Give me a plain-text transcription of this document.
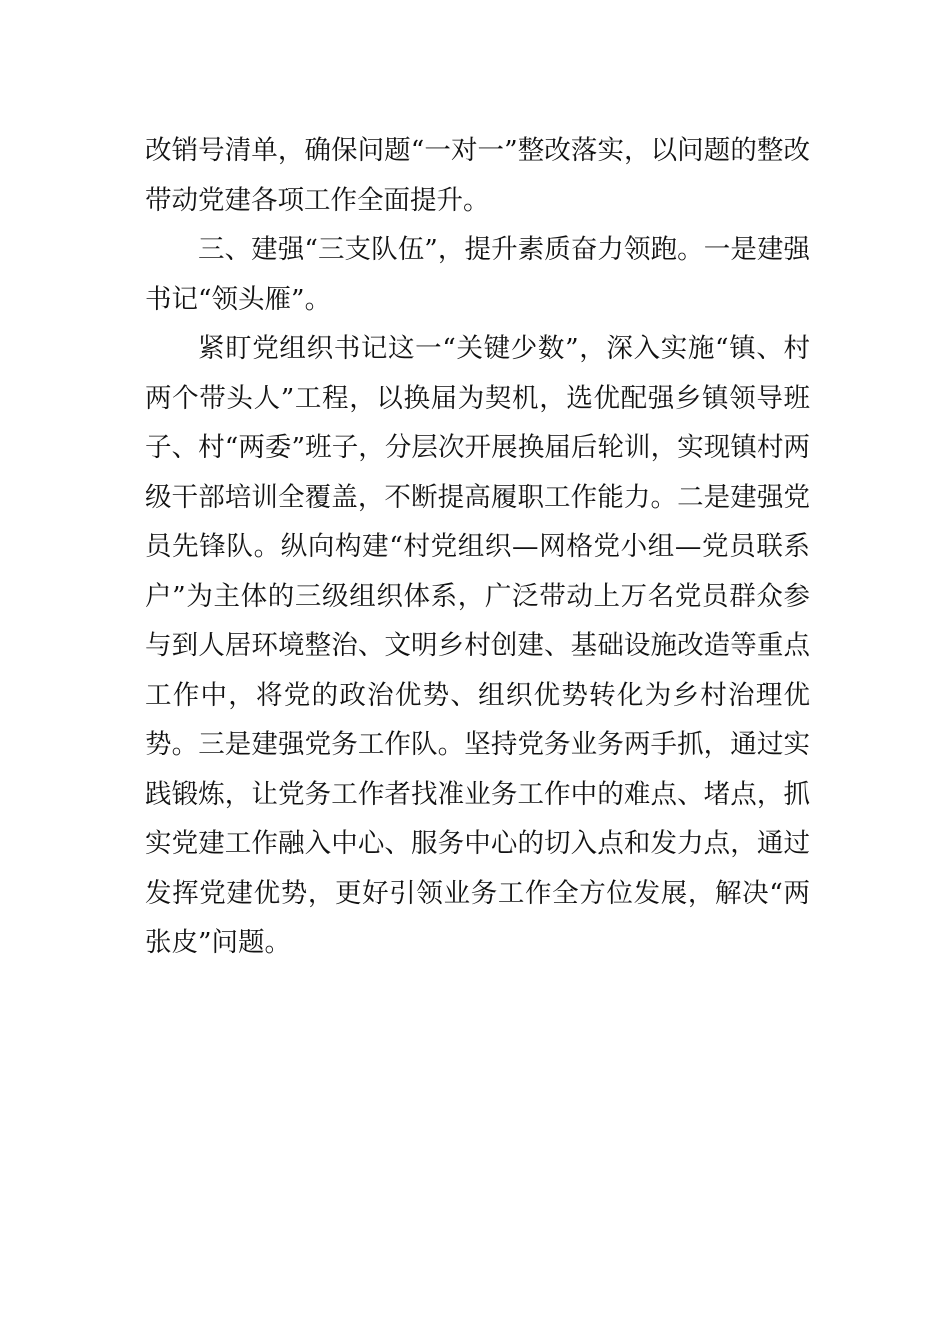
改销号清单，确保问题“一对一”整改落实，以问题的整改带动党建各项工作全面提升。

三、建强“三支队伍”，提升素质奋力领跑。一是建强书记“领头雁”。

紧盯党组织书记这一“关键少数”，深入实施“镇、村两个带头人”工程，以换届为契机，选优配强乡镇领导班子、村“两委”班子，分层次开展换届后轮训，实现镇村两级干部培训全覆盖，不断提高履职工作能力。二是建强党员先锋队。纵向构建“村党组织—网格党小组—党员联系户”为主体的三级组织体系，广泛带动上万名党员群众参与到人居环境整治、文明乡村创建、基础设施改造等重点工作中，将党的政治优势、组织优势转化为乡村治理优势。三是建强党务工作队。坚持党务业务两手抓，通过实践锻炼，让党务工作者找准业务工作中的难点、堵点，抓实党建工作融入中心、服务中心的切入点和发力点，通过发挥党建优势，更好引领业务工作全方位发展，解决“两张皮”问题。
